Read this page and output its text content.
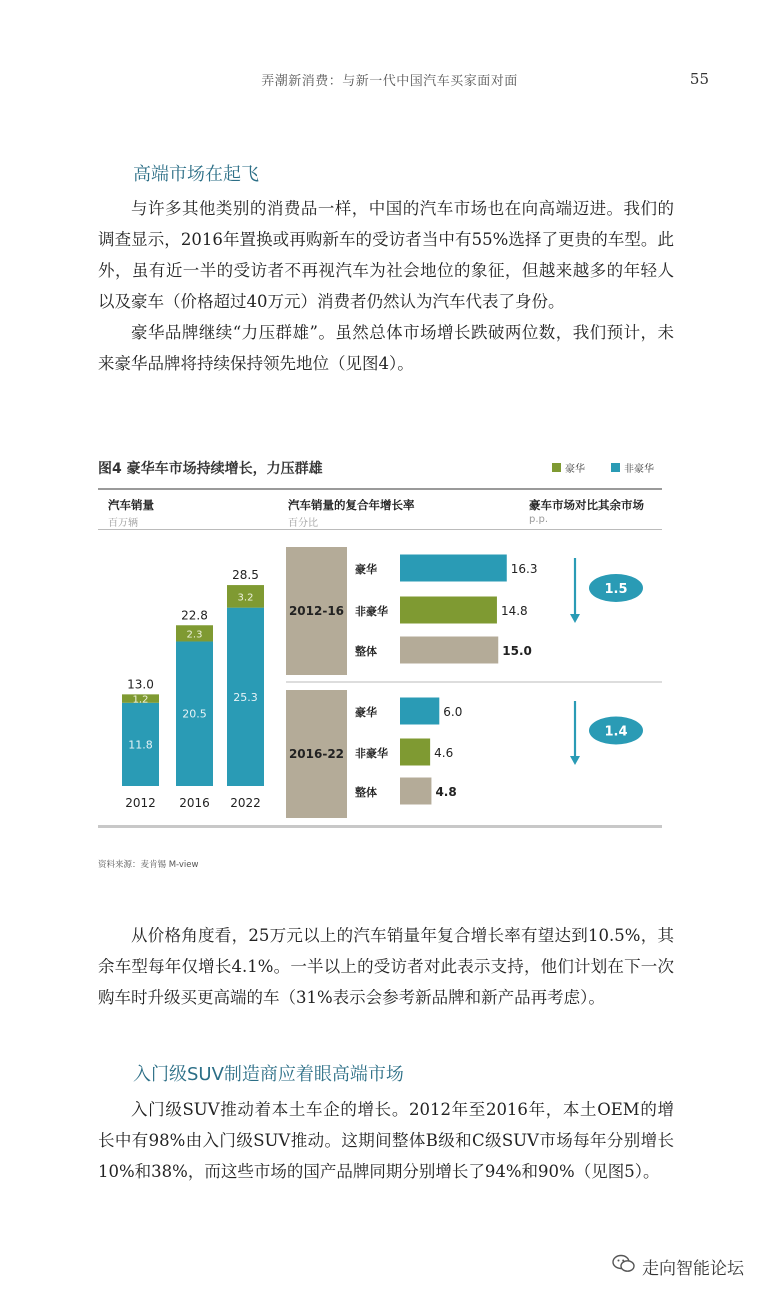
弄潮新消费：与新一代中国汽车买家面对面	55
高端市场在起飞

与许多其他类别的消费品一样，中国的汽车市场也在向高端迈进。我们的调查显示，2016年置换或再购新车的受访者当中有55%选择了更贵的车型。此外，虽有近一半的受访者不再视汽车为社会地位的象征，但越来越多的年轻人以及豪车（价格超过40万元）消费者仍然认为汽车代表了身份。

豪华品牌继续“力压群雄”。虽然总体市场增长跌破两位数，我们预计，未来豪华品牌将持续保持领先地位（见图4）。

图4 豪华车市场持续增长，力压群雄	豪华	非豪华
汽车销量
百万辆
汽车销量的复合年增长率
百分比
豪车市场对比其余市场
p.p.
11.8
1.2
13.0
2012
20.5
2.3
22.8
2016
25.3
3.2
28.5
2022
2012-16
豪华	16.3
非豪华	14.8
整体	15.0
1.5
2016-22
豪华	6.0
非豪华	4.6
整体	4.8
1.4
资料来源：麦肯锡 M-view

从价格角度看，25万元以上的汽车销量年复合增长率有望达到10.5%，其余车型每年仅增长4.1%。一半以上的受访者对此表示支持，他们计划在下一次购车时升级买更高端的车（31%表示会参考新品牌和新产品再考虑）。

入门级SUV制造商应着眼高端市场

入门级SUV推动着本土车企的增长。2012年至2016年，本土OEM的增长中有98%由入门级SUV推动。这期间整体B级和C级SUV市场每年分别增长10%和38%，而这些市场的国产品牌同期分别增长了94%和90%（见图5）。

走向智能论坛
